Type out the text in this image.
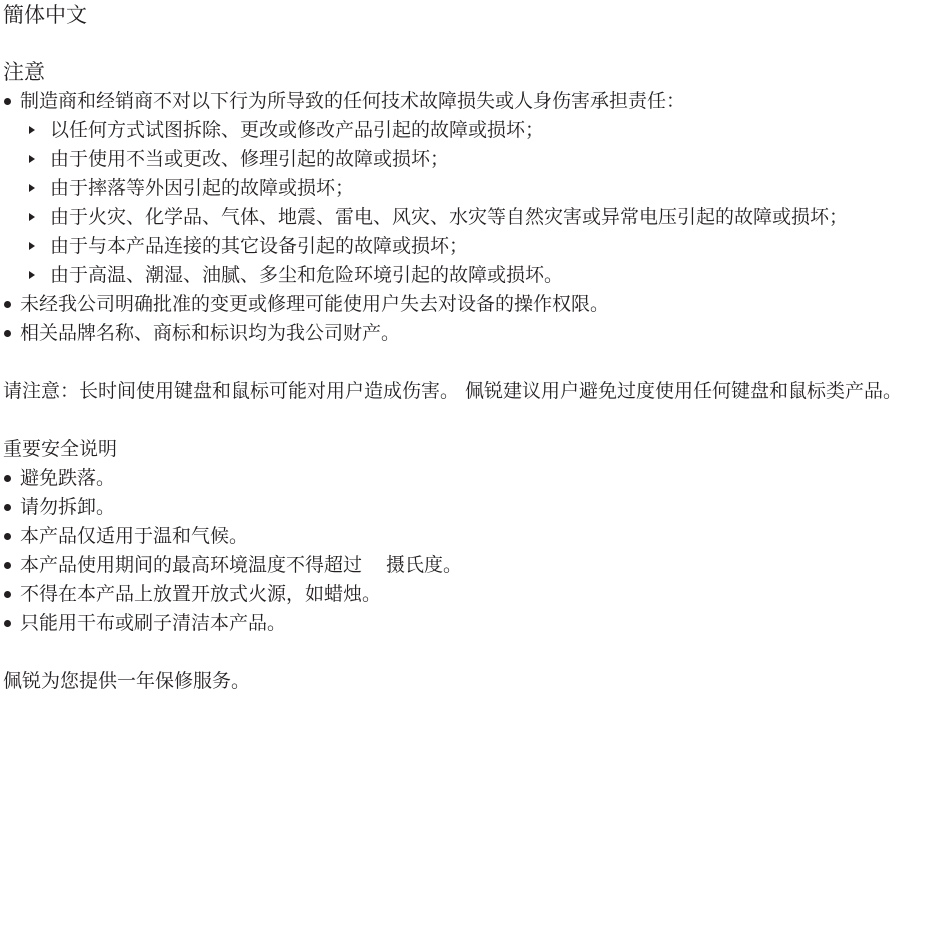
簡体中文
注意
制造商和经销商不对以下行为所导致的任何技术故障损失或人身伤害承担责任：
以任何方式试图拆除、更改或修改产品引起的故障或损坏；
由于使用不当或更改、修理引起的故障或损坏；
由于摔落等外因引起的故障或损坏；
由于火灾、化学品、气体、地震、雷电、风灾、水灾等自然灾害或异常电压引起的故障或损坏；
由于与本产品连接的其它设备引起的故障或损坏；
由于高温、潮湿、油腻、多尘和危险环境引起的故障或损坏。
未经我公司明确批准的变更或修理可能使用户失去对设备的操作权限。
相关品牌名称、商标和标识均为我公司财产。
请注意：长时间使用键盘和鼠标可能对用户造成伤害。 佩锐建议用户避免过度使用任何键盘和鼠标类产品。
重要安全说明
避免跌落。
请勿拆卸。
本产品仅适用于温和气候。
本产品使用期间的最高环境温度不得超过 摄氏度。
不得在本产品上放置开放式火源，如蜡烛。
只能用干布或刷子清洁本产品。
佩锐为您提供一年保修服务。
